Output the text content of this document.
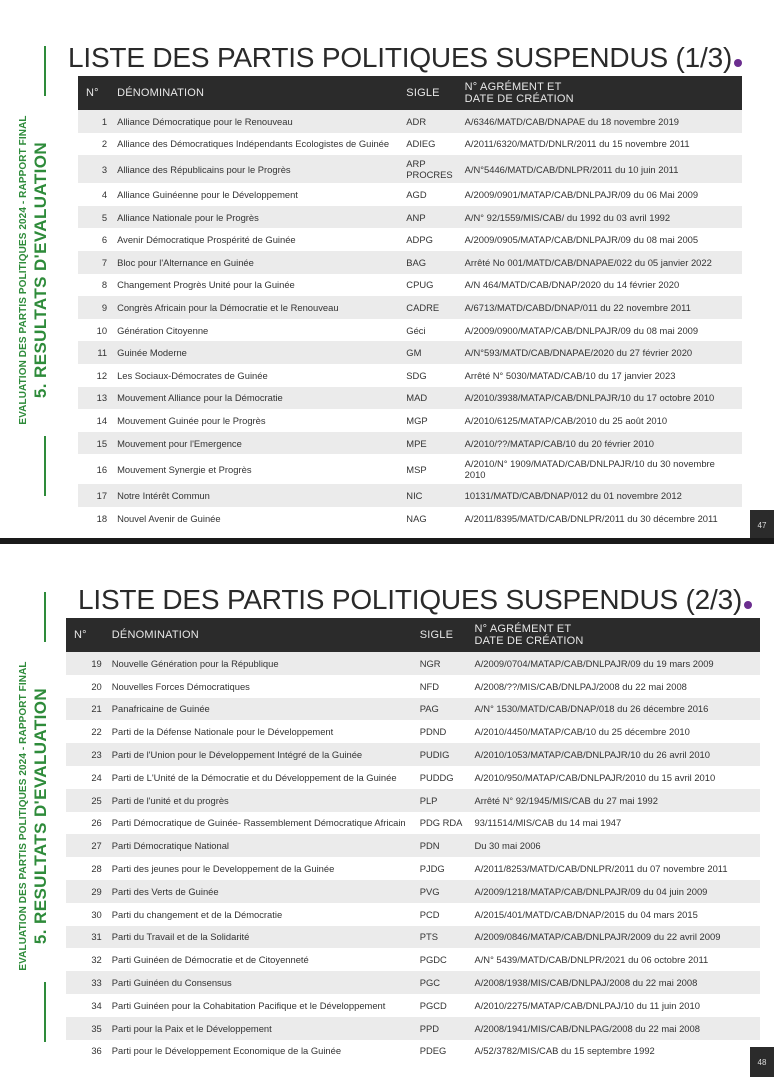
EVALUATION DES PARTIS POLITIQUES 2024 - RAPPORT FINAL 5. RESULTATS D'EVALUATION
LISTE DES PARTIS POLITIQUES SUSPENDUS (1/3)
N°	DÉNOMINATION	SIGLE	N° AGRÉMENT ET
DATE DE CRÉATION

1	Alliance Démocratique pour le Renouveau	ADR	A/6346/MATD/CAB/DNAPAE du 18 novembre 2019
2	Alliance des Démocratiques Indépendants Ecologistes de Guinée	ADIEG	A/2011/6320/MATD/DNLR/2011 du 15 novembre 2011
3	Alliance des Républicains pour le Progrès	ARP PROCRES	A/N°5446/MATD/CAB/DNLPR/2011 du 10 juin 2011
4	Alliance Guinéenne pour le Développement	AGD	A/2009/0901/MATAP/CAB/DNLPAJR/09 du 06 Mai 2009
5	Alliance Nationale pour le Progrès	ANP	A/N° 92/1559/MIS/CAB/ du 1992 du 03 avril 1992
6	Avenir Démocratique Prospérité de Guinée	ADPG	A/2009/0905/MATAP/CAB/DNLPAJR/09 du 08 mai 2005
7	Bloc pour l'Alternance en Guinée	BAG	Arrêté No 001/MATD/CAB/DNAPAE/022 du 05 janvier 2022
8	Changement Progrès Unité pour la Guinée	CPUG	A/N 464/MATD/CAB/DNAP/2020 du 14 février 2020
9	Congrès Africain pour la Démocratie et le Renouveau	CADRE	A/6713/MATD/CABD/DNAP/011 du 22 novembre 2011
10	Génération Citoyenne	Géci	A/2009/0900/MATAP/CAB/DNLPAJR/09 du 08 mai 2009
11	Guinée Moderne	GM	A/N°593/MATD/CAB/DNAPAE/2020 du 27 février 2020
12	Les Sociaux-Démocrates de Guinée	SDG	Arrêté N° 5030/MATAD/CAB/10 du 17 janvier 2023
13	Mouvement Alliance pour la Démocratie	MAD	A/2010/3938/MATAP/CAB/DNLPAJR/10 du 17 octobre 2010
14	Mouvement Guinée pour le Progrès	MGP	A/2010/6125/MATAP/CAB/2010 du 25 août 2010
15	Mouvement pour l'Emergence	MPE	A/2010/??/MATAP/CAB/10 du 20 février 2010
16	Mouvement Synergie et Progrès	MSP	A/2010/N° 1909/MATAD/CAB/DNLPAJR/10 du 30 novembre 2010
17	Notre Intérêt Commun	NIC	10131/MATD/CAB/DNAP/012 du 01 novembre 2012
18	Nouvel Avenir de Guinée	NAG	A/2011/8395/MATD/CAB/DNLPR/2011 du 30 décembre 2011
47
EVALUATION DES PARTIS POLITIQUES 2024 - RAPPORT FINAL 5. RESULTATS D'EVALUATION
LISTE DES PARTIS POLITIQUES SUSPENDUS (2/3)
N°	DÉNOMINATION	SIGLE	N° AGRÉMENT ET
DATE DE CRÉATION

19	Nouvelle Génération pour la République	NGR	A/2009/0704/MATAP/CAB/DNLPAJR/09 du 19 mars 2009
20	Nouvelles Forces Démocratiques	NFD	A/2008/??/MIS/CAB/DNLPAJ/2008 du 22 mai 2008
21	Panafricaine de Guinée	PAG	A/N° 1530/MATD/CAB/DNAP/018 du 26 décembre 2016
22	Parti de la Défense Nationale pour le Développement	PDND	A/2010/4450/MATAP/CAB/10 du 25 décembre 2010
23	Parti de l'Union pour le Développement Intégré de la Guinée	PUDIG	A/2010/1053/MATAP/CAB/DNLPAJR/10 du 26 avril 2010
24	Parti de L'Unité de la Démocratie et du Développement de la Guinée	PUDDG	A/2010/950/MATAP/CAB/DNLPAJR/2010 du 15 avril 2010
25	Parti de l'unité et du progrès	PLP	Arrêté N° 92/1945/MIS/CAB du 27 mai 1992
26	Parti Démocratique de Guinée- Rassemblement Démocratique Africain	PDG RDA	93/11514/MIS/CAB du 14 mai 1947
27	Parti Démocratique National	PDN	Du 30 mai 2006
28	Parti des jeunes pour le Developpement de la Guinée	PJDG	A/2011/8253/MATD/CAB/DNLPR/2011 du 07 novembre 2011
29	Parti des Verts de Guinée	PVG	A/2009/1218/MATAP/CAB/DNLPAJR/09 du 04 juin 2009
30	Parti du changement et de la Démocratie	PCD	A/2015/401/MATD/CAB/DNAP/2015 du 04 mars 2015
31	Parti du Travail et de la Solidarité	PTS	A/2009/0846/MATAP/CAB/DNLPAJR/2009 du 22 avril 2009
32	Parti Guinéen de Démocratie et de Citoyenneté	PGDC	A/N° 5439/MATD/CAB/DNLPR/2021 du 06 octobre 2011
33	Parti Guinéen du Consensus	PGC	A/2008/1938/MIS/CAB/DNLPAJ/2008 du 22 mai 2008
34	Parti Guinéen pour la Cohabitation Pacifique et le Développement	PGCD	A/2010/2275/MATAP/CAB/DNLPAJ/10 du 11 juin 2010
35	Parti pour la Paix et le Développement	PPD	A/2008/1941/MIS/CAB/DNLPAG/2008 du 22 mai 2008
36	Parti pour le Développement Economique de la Guinée	PDEG	A/52/3782/MIS/CAB du 15 septembre 1992
48
